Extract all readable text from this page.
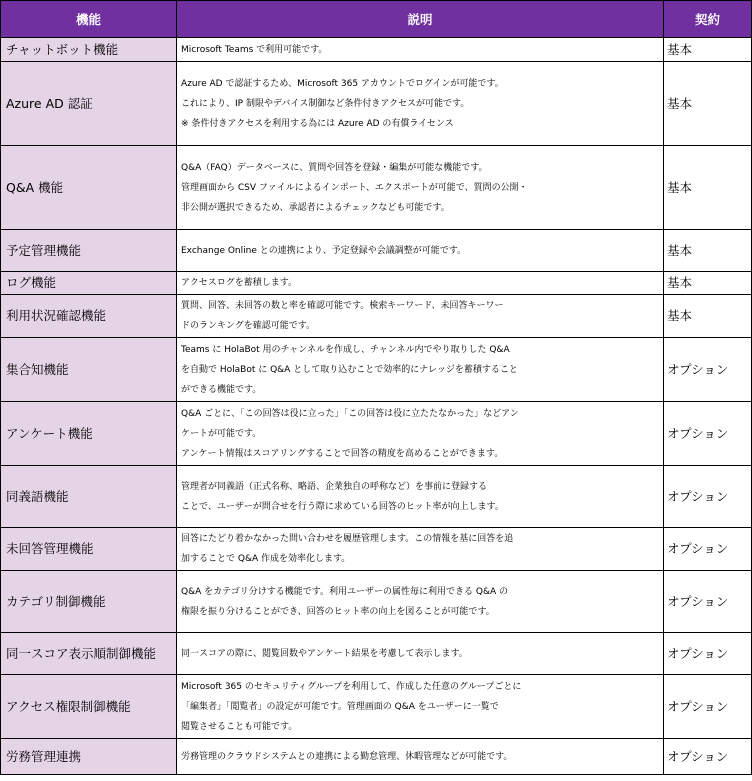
機能	説明	契約
チャットボット機能	Microsoft Teams で利用可能です。	基本
Azure AD 認証	Azure AD で認証するため、Microsoft 365 アカウントでログインが可能です。
これにより、IP 制限やデバイス制御など条件付きアクセスが可能です。
※ 条件付きアクセスを利用する為には Azure AD の有償ライセンス	基本
Q&A 機能	Q&A（FAQ）データベースに、質問や回答を登録・編集が可能な機能です。
管理画面から CSV ファイルによるインポート、エクスポートが可能で、質問の公開・
非公開が選択できるため、承認者によるチェックなども可能です。	基本
予定管理機能	Exchange Online との連携により、予定登録や会議調整が可能です。	基本
ログ機能	アクセスログを蓄積します。	基本
利用状況確認機能	質問、回答、未回答の数と率を確認可能です。検索キーワード、未回答キーワー
ドのランキングを確認可能です。	基本
集合知機能	Teams に HolaBot 用のチャンネルを作成し、チャンネル内でやり取りした Q&A
を自動で HolaBot に Q&A として取り込むことで効率的にナレッジを蓄積すること
ができる機能です。	オプション
アンケート機能	Q&A ごとに、「この回答は役に立った」「この回答は役に立たたなかった」などアン
ケートが可能です。
アンケート情報はスコアリングすることで回答の精度を高めることができます。	オプション
同義語機能	管理者が同義語（正式名称、略語、企業独自の呼称など）を事前に登録する
ことで、ユーザーが問合せを行う際に求めている回答のヒット率が向上します。	オプション
未回答管理機能	回答にたどり着かなかった問い合わせを履歴管理します。この情報を基に回答を追
加することで Q&A 作成を効率化します。	オプション
カテゴリ制御機能	Q&A をカテゴリ分けする機能です。利用ユーザーの属性毎に利用できる Q&A の
権限を振り分けることができ、回答のヒット率の向上を図ることが可能です。	オプション
同一スコア表示順制御機能	同一スコアの際に、閲覧回数やアンケート結果を考慮して表示します。	オプション
アクセス権限制御機能	Microsoft 365 のセキュリティグループを利用して、作成した任意のグループごとに
「編集者」「閲覧者」の設定が可能です。管理画面の Q&A をユーザーに一覧で
閲覧させることも可能です。	オプション
労務管理連携	労務管理のクラウドシステムとの連携による勤怠管理、休暇管理などが可能です。	オプション
